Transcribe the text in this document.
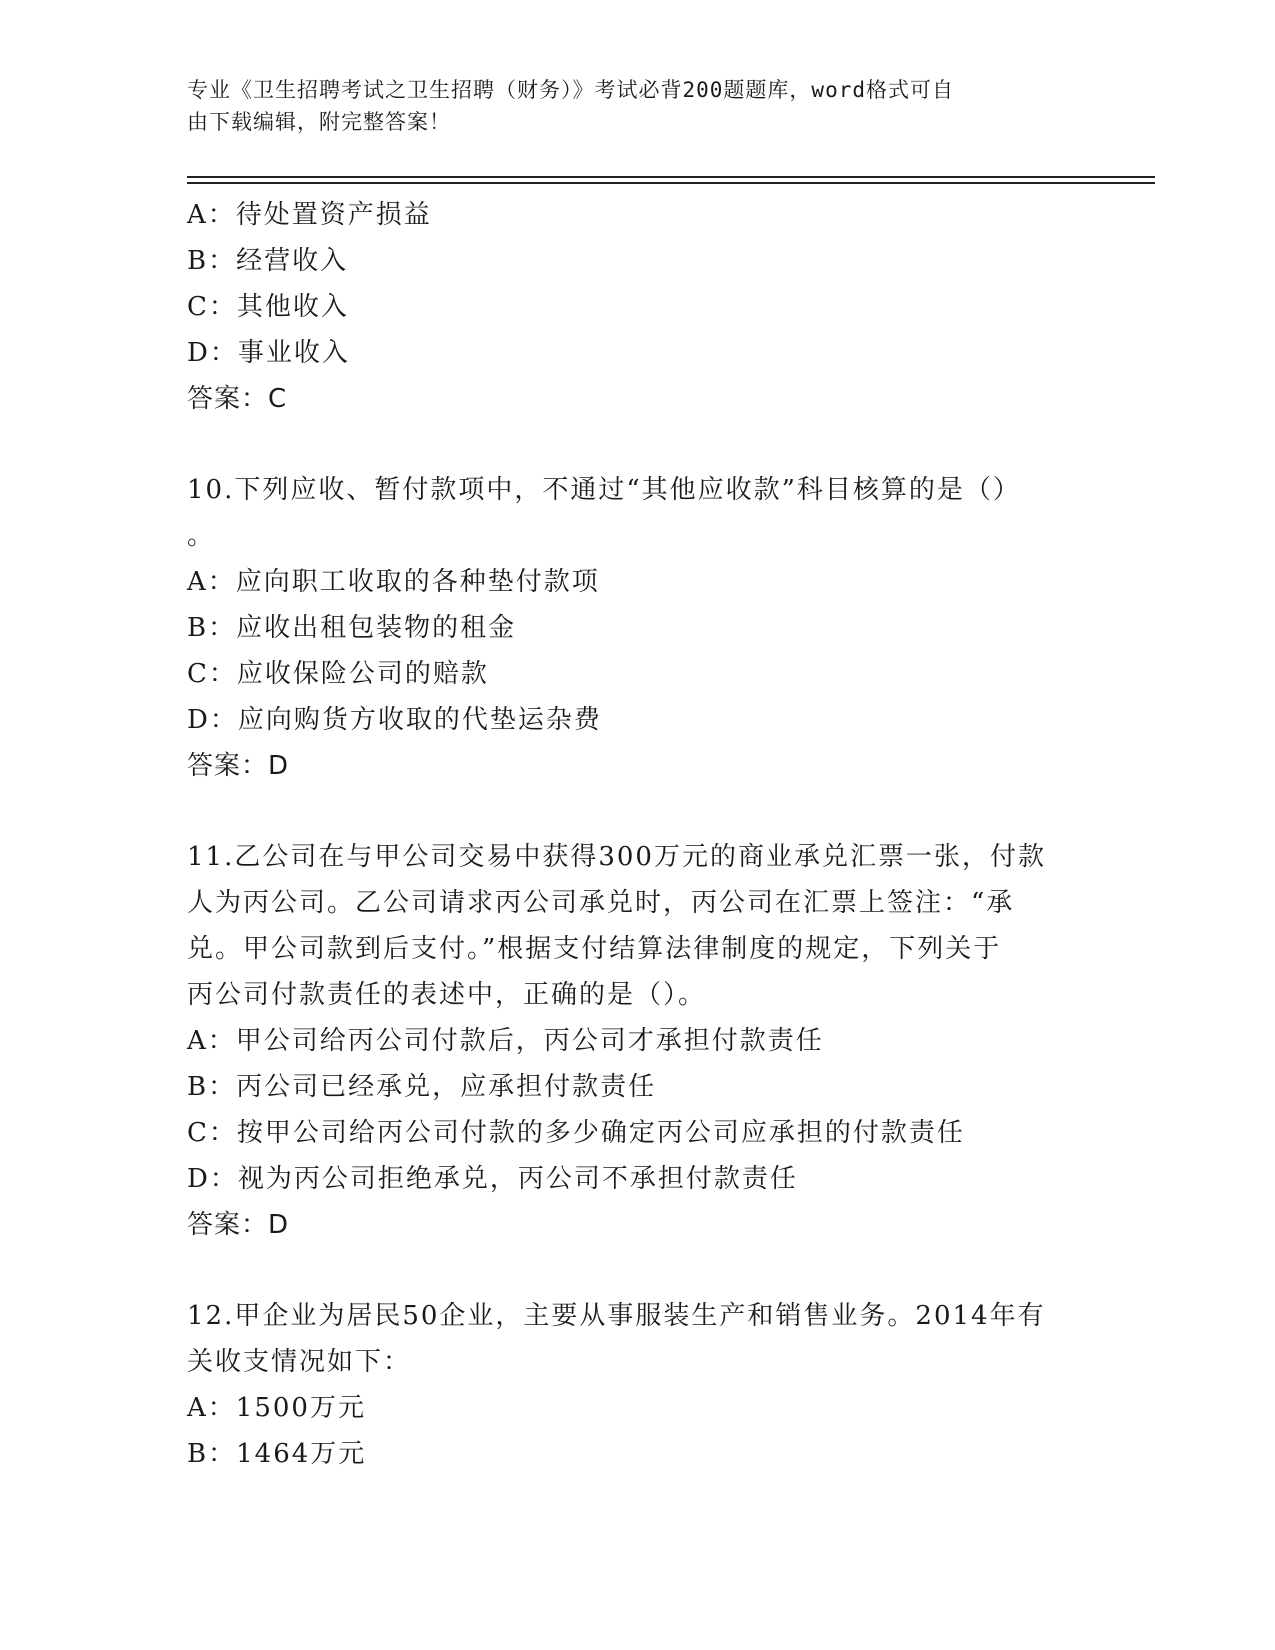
专业《卫生招聘考试之卫生招聘（财务）》考试必背200题题库，word格式可自
由下载编辑，附完整答案！
A：待处置资产损益
B：经营收入
C：其他收入
D：事业收入
答案：C
10.下列应收、暂付款项中，不通过“其他应收款”科目核算的是（）
。
A：应向职工收取的各种垫付款项
B：应收出租包装物的租金
C：应收保险公司的赔款
D：应向购货方收取的代垫运杂费
答案：D
11.乙公司在与甲公司交易中获得300万元的商业承兑汇票一张，付款
人为丙公司。乙公司请求丙公司承兑时，丙公司在汇票上签注：“承
兑。甲公司款到后支付。”根据支付结算法律制度的规定，下列关于
丙公司付款责任的表述中，正确的是（）。
A：甲公司给丙公司付款后，丙公司才承担付款责任
B：丙公司已经承兑，应承担付款责任
C：按甲公司给丙公司付款的多少确定丙公司应承担的付款责任
D：视为丙公司拒绝承兑，丙公司不承担付款责任
答案：D
12.甲企业为居民50企业，主要从事服装生产和销售业务。2014年有
关收支情况如下：
A：1500万元
B：1464万元
